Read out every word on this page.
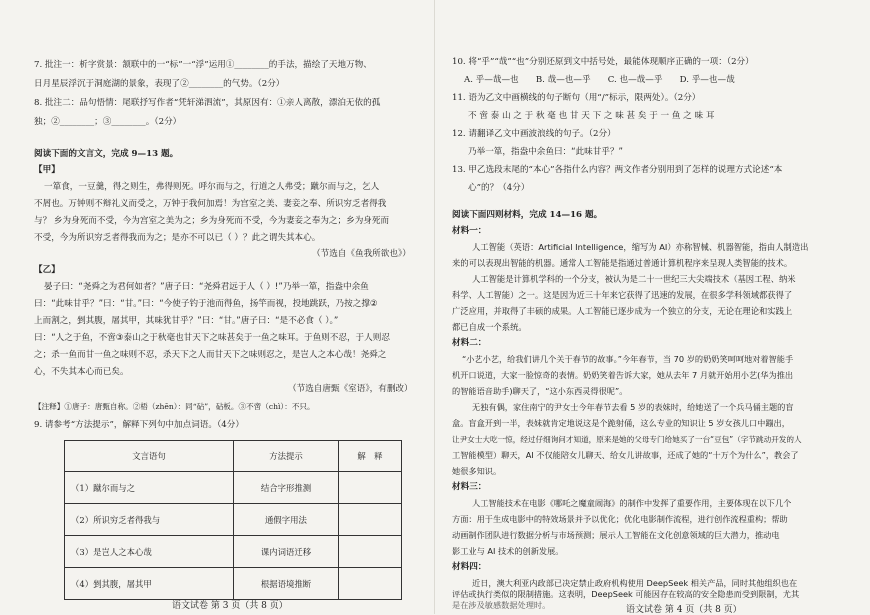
7. 批注一：析字赏景：颔联中的一“标”一“浮”运用①________的手法，描绘了天地万物、
日月星辰浮沉于洞庭湖的景象，表现了②________的气势。（2分）
8. 批注二：品句悟情：尾联抒写作者“凭轩涕泗流”，其原因有：①亲人离散，漂泊无依的孤
独；②________；③________。（2分）
阅读下面的文言文，完成 9—13 题。
【甲】
一箪食，一豆羹，得之则生，弗得则死。呼尔而与之，行道之人弗受；蹴尔而与之，乞人
不屑也。万钟则不辩礼义而受之，万钟于我何加焉！为宫室之美、妻妾之奉、所识穷乏者得我
与？ 乡为身死而不受，今为宫室之美为之；乡为身死而不受，今为妻妾之奉为之；乡为身死而
不受，今为所识穷乏者得我而为之；是亦不可以已（ ）？此之谓失其本心。
（节选自《鱼我所欲也》）
【乙】
晏子曰：“尧舜之为君何如者？”唐子曰：“尧舜君远于人（ ）!”乃举一箪，指盎中余鱼
曰：“此味甘乎？”曰：“甘。”曰：“今使子钓于池而得鱼，扬竿而视，投地跳跃，乃按之撑②
上而割之，剉其腹，屠其甲，其味犹甘乎？”曰：“甘。”唐子曰：“是不必食（ ）。”
曰：“人之于鱼，不啻③泰山之于秋毫也甘天下之味甚矣于一鱼之味耳。于鱼则不忍，于人则忍
之；杀一鱼而甘一鱼之味则不忍，杀天下之人而甘天下之味则忍之，是岂人之本心哉！尧舜之
心，不失其本心而已矣。
（节选自唐甄《室语》，有删改）
【注释】①唐子：唐甄自称。②梧（zhēn）：同“砧”，砧板。③不啻（chì）：不只。
9. 请参考“方法提示”，解释下列句中加点词语。（4分）
文言语句	方法提示	解　释
（1）蹴尔而与之	结合字形推测	
（2）所识穷乏者得我与	通假字用法	
（3）是岂人之本心哉	课内词语迁移	
（4）剉其腹，屠其甲	根据语境推断	
语文试卷 第 3 页（共 8 页）
10. 将“乎”“哉”“也”分别还原到文中括号处，最能体现顺序正确的一项：（2分）
A. 乎—哉—也　　B. 哉—也—乎　　C. 也—哉—乎　　D. 乎—也—哉
11. 语为乙文中画横线的句子断句（用“/”标示，限两处）。（2分）
不 啻 泰 山 之 于 秋 毫 也 甘 天 下 之 味 甚 矣 于 一 鱼 之 味 耳
12. 请翻译乙文中画波浪线的句子。（2分）
乃举一箪，指盎中余鱼曰：“此味甘乎？”
13. 甲乙选段末尾的“本心”各指什么内容？两文作者分别用到了怎样的说理方式论述“本
心”的？（4分）
阅读下面四则材料，完成 14—16 题。
材料一：
人工智能（英语：Artificial Intelligence，缩写为 AI）亦称智械、机器智能，指由人制造出
来的可以表现出智能的机器。通常人工智能是指通过普通计算机程序来呈现人类智能的技术。
人工智能是计算机学科的一个分支，被认为是二十一世纪三大尖端技术（基因工程、纳米
科学、人工智能）之一。这是因为近三十年来它获得了迅速的发展，在很多学科领域都获得了
广泛应用，并取得了丰硕的成果。人工智能已逐步成为一个独立的分支，无论在理论和实践上
都已自成一个系统。
材料二：
“小艺小艺，给我们讲几个关于春节的故事。”今年春节，当 70 岁的奶奶笑呵呵地对着智能手
机开口说道，大家一脸惊奇的表情。奶奶笑着告诉大家，她从去年 7 月就开始用小艺(华为推出
的智能语音助手)聊天了，“这小东西灵得很呢”。
无独有偶，家住南宁的尹女士今年春节去看 5 岁的表妹时，给她送了一个兵马俑主题的盲
盒。盲盒开到一半，表妹就肯定地说这是个跪射俑，这么专业的知识让 5 岁女孩儿口中蹦出，
让尹女士大吃一惊，经过仔细询问才知道，原来是她的父母专门给她买了一台“豆包”（字节跳动开发的人
工智能模型）聊天，AI 不仅能陪女儿聊天、给女儿讲故事，还成了她的“十万个为什么”，教会了
她很多知识。
材料三：
人工智能技术在电影《哪吒之魔童闹海》的制作中发挥了重要作用，主要体现在以下几个
方面：用于生成电影中的特效场景并予以优化；优化电影制作流程，进行创作流程重构；帮助
动画制作团队进行数据分析与市场预测；展示人工智能在文化创意领域的巨大潜力，推动电
影工业与 AI 技术的创新发展。
材料四：
近日，澳大利亚内政部已决定禁止政府机构使用 DeepSeek 相关产品，同时其他组织也在
评估或执行类似的限制措施。这表明，DeepSeek 可能因存在较高的安全隐患而受到限制，尤其
是在涉及敏感数据处理时。	语文试卷 第 4 页（共 8 页）
